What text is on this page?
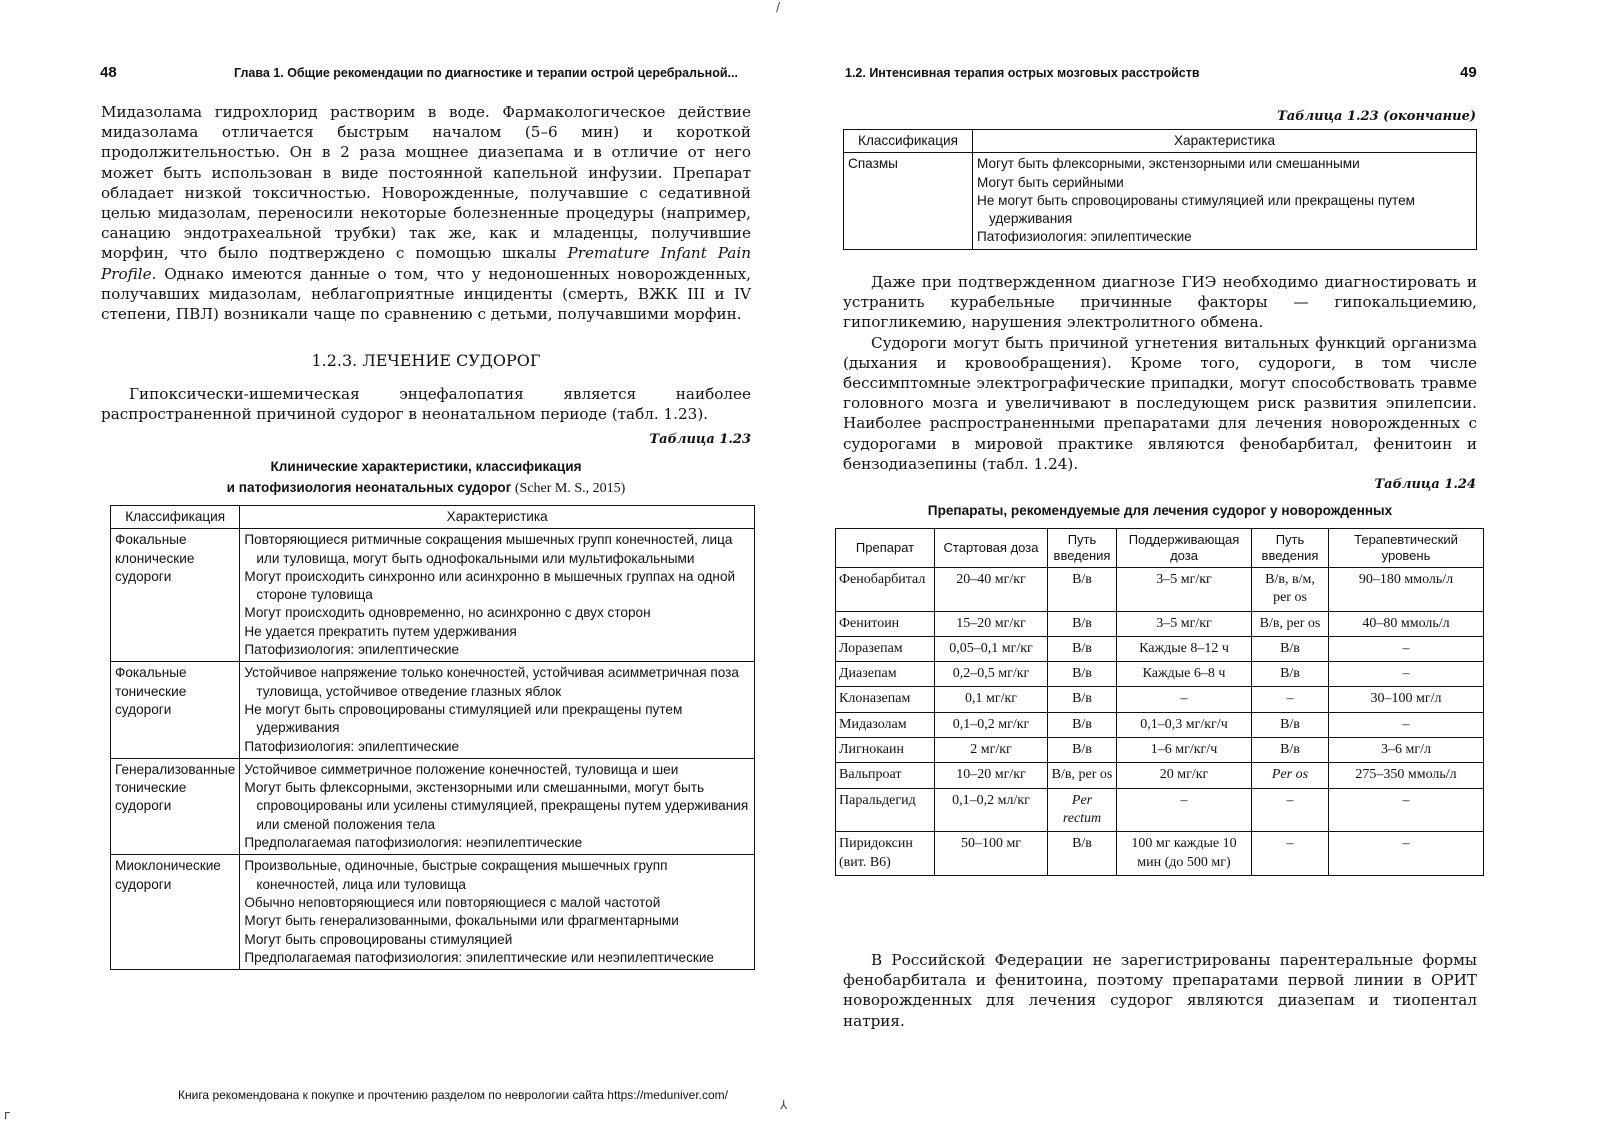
48	Глава 1. Общие рекомендации по диагностике и терапии острой церебральной...

Мидазолама гидрохлорид растворим в воде. Фармакологическое действие мидазолама отличается быстрым началом (5–6 мин) и короткой продолжительностью. Он в 2 раза мощнее диазепама и в отличие от него может быть использован в виде постоянной капельной инфузии. Препарат обладает низкой токсичностью. Новорожденные, получавшие с седативной целью мидазолам, переносили некоторые болезненные процедуры (например, санацию эндотрахеальной трубки) так же, как и младенцы, получившие морфин, что было подтверждено с помощью шкалы Premature Infant Pain Profile. Однако имеются данные о том, что у недоношенных новорожденных, получавших мидазолам, неблагоприятные инциденты (смерть, ВЖК III и IV степени, ПВЛ) возникали чаще по сравнению с детьми, получавшими морфин.

1.2.3. ЛЕЧЕНИЕ СУДОРОГ

Гипоксически-ишемическая энцефалопатия является наиболее распространенной причиной судорог в неонатальном периоде (табл. 1.23).

Таблица 1.23
Клинические характеристики, классификация
и патофизиология неонатальных судорог (Scher M. S., 2015)
Классификация	Характеристика
Фокальные клонические судороги	Повторяющиеся ритмичные сокращения мышечных групп конечностей, лица или туловища, могут быть однофокальными или мультифокальными
Могут происходить синхронно или асинхронно в мышечных группах на одной стороне туловища
Могут происходить одновременно, но асинхронно с двух сторон
Не удается прекратить путем удерживания
Патофизиология: эпилептические

Фокальные тонические судороги	Устойчивое напряжение только конечностей, устойчивая асимметричная поза туловища, устойчивое отведение глазных яблок
Не могут быть спровоцированы стимуляцией или прекращены путем удерживания
Патофизиология: эпилептические

Генерализованные тонические судороги	Устойчивое симметричное положение конечностей, туловища и шеи
Могут быть флексорными, экстензорными или смешанными, могут быть спровоцированы или усилены стимуляцией, прекращены путем удерживания или сменой положения тела
Предполагаемая патофизиология: неэпилептические

Миоклонические судороги	Произвольные, одиночные, быстрые сокращения мышечных групп конечностей, лица или туловища
Обычно неповторяющиеся или повторяющиеся с малой частотой
Могут быть генерализованными, фокальными или фрагментарными
Могут быть спровоцированы стимуляцией
Предполагаемая патофизиология: эпилептические или неэпилептические
1.2. Интенсивная терапия острых мозговых расстройств	49
Таблица 1.23 (окончание)
Классификация	Характеристика
Спазмы	Могут быть флексорными, экстензорными или смешанными
Могут быть серийными
Не могут быть спровоцированы стимуляцией или прекращены путем удерживания
Патофизиология: эпилептические

Даже при подтвержденном диагнозе ГИЭ необходимо диагностировать и устранить курабельные причинные факторы — гипокальциемию, гипогликемию, нарушения электролитного обмена.

Судороги могут быть причиной угнетения витальных функций организма (дыхания и кровообращения). Кроме того, судороги, в том числе бессимптомные электрографические припадки, могут способствовать травме головного мозга и увеличивают в последующем риск развития эпилепсии. Наиболее распространенными препаратами для лечения новорожденных с судорогами в мировой практике являются фенобарбитал, фенитоин и бензодиазепины (табл. 1.24).

Таблица 1.24
Препараты, рекомендуемые для лечения судорог у новорожденных
Препарат	Стартовая доза	Путь введения	Поддерживающая доза	Путь введения	Терапевтический уровень
Фенобарбитал	20–40 мг/кг	В/в	3–5 мг/кг	В/в, в/м, per os	90–180 ммоль/л
Фенитоин	15–20 мг/кг	В/в	3–5 мг/кг	В/в, per os	40–80 ммоль/л
Лоразепам	0,05–0,1 мг/кг	В/в	Каждые 8–12 ч	В/в	–
Диазепам	0,2–0,5 мг/кг	В/в	Каждые 6–8 ч	В/в	–
Клоназепам	0,1 мг/кг	В/в	–	–	30–100 мг/л
Мидазолам	0,1–0,2 мг/кг	В/в	0,1–0,3 мг/кг/ч	В/в	–
Лигнокаин	2 мг/кг	В/в	1–6 мг/кг/ч	В/в	3–6 мг/л
Вальпроат	10–20 мг/кг	В/в, per os	20 мг/кг	Per os	275–350 ммоль/л
Паральдегид	0,1–0,2 мл/кг	Per rectum	–	–	–
Пиридоксин (вит. B6)	50–100 мг	В/в	100 мг каждые 10 мин (до 500 мг)	–	–

В Российской Федерации не зарегистрированы парентеральные формы фенобарбитала и фенитоина, поэтому препаратами первой линии в ОРИТ новорожденных для лечения судорог являются диазепам и тиопентал натрия.

Книга рекомендована к покупке и прочтению разделом по неврологии сайта https://meduniver.com/
/
ᴦ
⅄
